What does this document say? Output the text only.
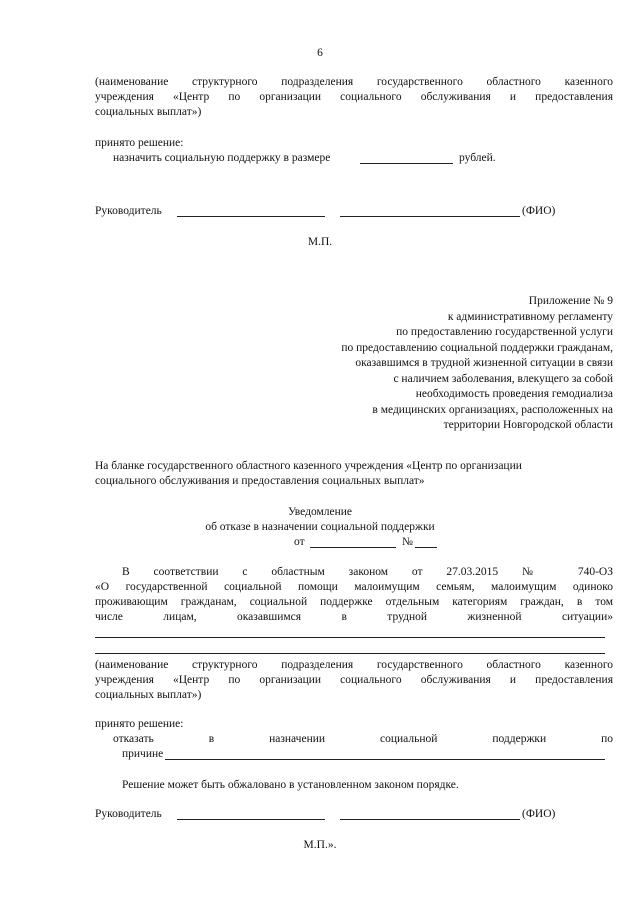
6
(наименование структурного подразделения государственного областного казенного
учреждения «Центр по организации социального обслуживания и предоставления
социальных выплат»)
принято решение:
назначить социальную поддержку в размере	рублей.
Руководитель	(ФИО)
М.П.
Приложение № 9
к административному регламенту
по предоставлению государственной услуги
по предоставлению социальной поддержки гражданам,
оказавшимся в трудной жизненной ситуации в связи
с наличием заболевания, влекущего за собой
необходимость проведения гемодиализа
в медицинских организациях, расположенных на
территории Новгородской области
На бланке государственного областного казенного учреждения «Центр по организации
социального обслуживания и предоставления социальных выплат»
Уведомление
об отказе в назначении социальной поддержки
от	№
В соответствии с областным законом от 27.03.2015 № 740-ОЗ
«О государственной социальной помощи малоимущим семьям, малоимущим одиноко
проживающим гражданам, социальной поддержке отдельным категориям граждан, в том
числе лицам, оказавшимся в трудной жизненной ситуации»
(наименование структурного подразделения государственного областного казенного
учреждения «Центр по организации социального обслуживания и предоставления
социальных выплат»)
принято решение:
отказать в назначении социальной поддержки по
причине
Решение может быть обжаловано в установленном законом порядке.
Руководитель	(ФИО)
М.П.».
